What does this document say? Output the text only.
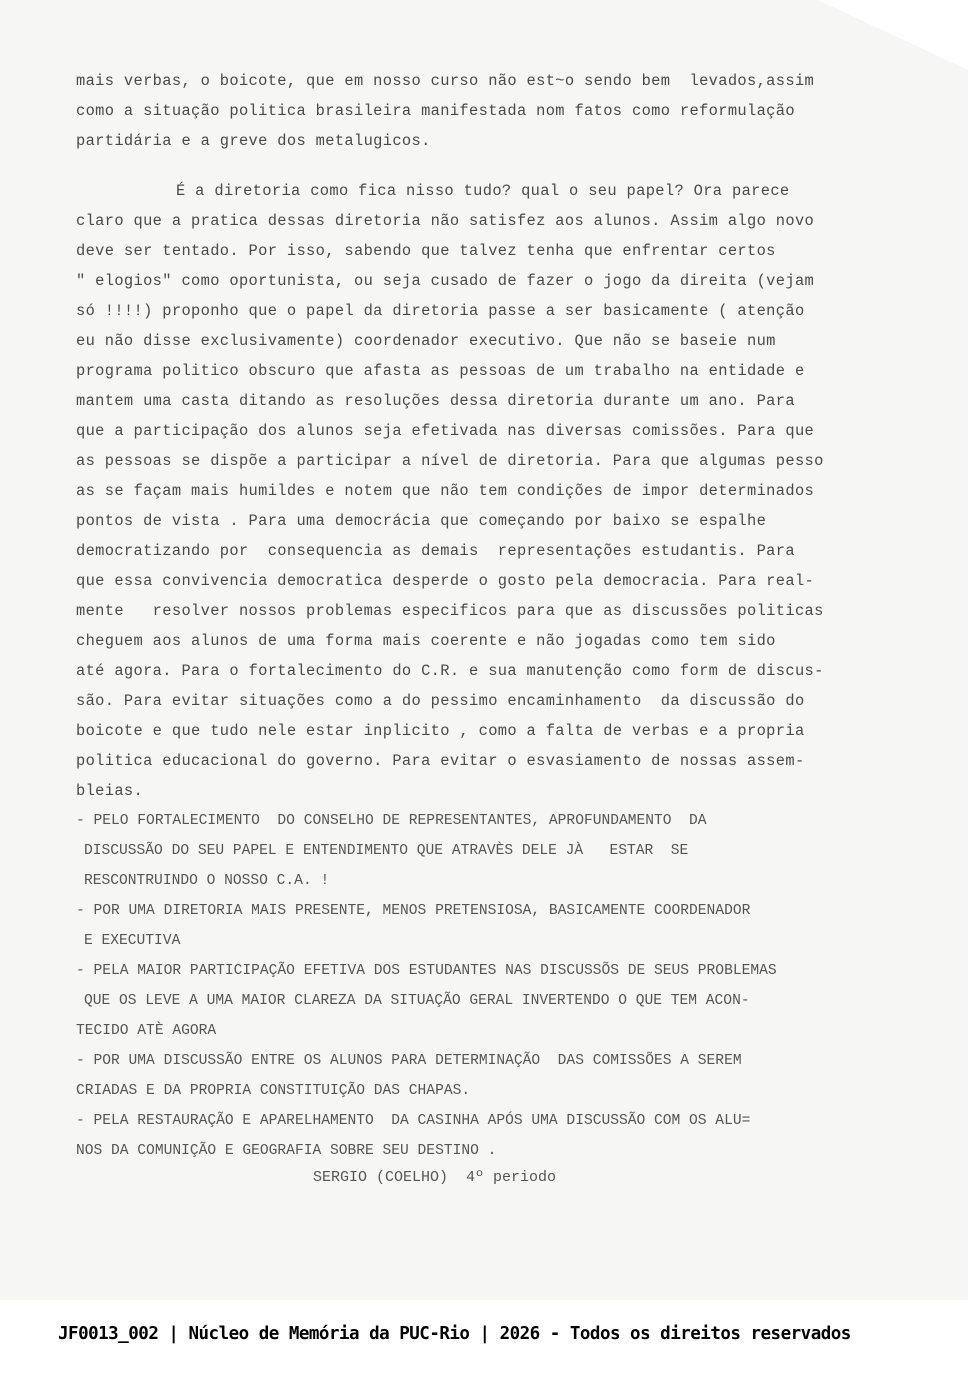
mais verbas, o boicote, que em nosso curso não est~o sendo bem  levados,assim
como a situação politica brasileira manifestada nom fatos como reformulação
partidária e a greve dos metalugicos.
É a diretoria como fica nisso tudo? qual o seu papel? Ora parece
claro que a pratica dessas diretoria não satisfez aos alunos. Assim algo novo
deve ser tentado. Por isso, sabendo que talvez tenha que enfrentar certos
" elogios" como oportunista, ou seja cusado de fazer o jogo da direita (vejam
só !!!!) proponho que o papel da diretoria passe a ser basicamente ( atenção
eu não disse exclusivamente) coordenador executivo. Que não se baseie num
programa politico obscuro que afasta as pessoas de um trabalho na entidade e
mantem uma casta ditando as resoluções dessa diretoria durante um ano. Para
que a participação dos alunos seja efetivada nas diversas comissões. Para que
as pessoas se dispõe a participar a nível de diretoria. Para que algumas pesso
as se façam mais humildes e notem que não tem condições de impor determinados
pontos de vista . Para uma democrácia que começando por baixo se espalhe
democratizando por  consequencia as demais  representações estudantis. Para
que essa convivencia democratica desperde o gosto pela democracia. Para real-
mente   resolver nossos problemas especificos para que as discussões politicas
cheguem aos alunos de uma forma mais coerente e não jogadas como tem sido
até agora. Para o fortalecimento do C.R. e sua manutenção como form de discus-
são. Para evitar situações como a do pessimo encaminhamento  da discussão do
boicote e que tudo nele estar inplicito , como a falta de verbas e a propria
politica educacional do governo. Para evitar o esvasiamento de nossas assem-
bleias.
- PELO FORTALECIMENTO  DO CONSELHO DE REPRESENTANTES, APROFUNDAMENTO  DA
DISCUSSÃO DO SEU PAPEL E ENTENDIMENTO QUE ATRAVÈS DELE JÀ   ESTAR  SE
RESCONTRUINDO O NOSSO C.A. !
- POR UMA DIRETORIA MAIS PRESENTE, MENOS PRETENSIOSA, BASICAMENTE COORDENADOR
E EXECUTIVA
- PELA MAIOR PARTICIPAÇÃO EFETIVA DOS ESTUDANTES NAS DISCUSSÕS DE SEUS PROBLEMAS
QUE OS LEVE A UMA MAIOR CLAREZA DA SITUAÇÃO GERAL INVERTENDO O QUE TEM ACON-
TECIDO ATÈ AGORA
- POR UMA DISCUSSÃO ENTRE OS ALUNOS PARA DETERMINAÇÃO  DAS COMISSÕES A SEREM
CRIADAS E DA PROPRIA CONSTITUIÇÃO DAS CHAPAS.
- PELA RESTAURAÇÃO E APARELHAMENTO  DA CASINHA APÓS UMA DISCUSSÃO COM OS ALU=
NOS DA COMUNIÇÃO E GEOGRAFIA SOBRE SEU DESTINO .
SERGIO (COELHO)  4º periodo
JF0013_002 | Núcleo de Memória da PUC-Rio | 2026 - Todos os direitos reservados
